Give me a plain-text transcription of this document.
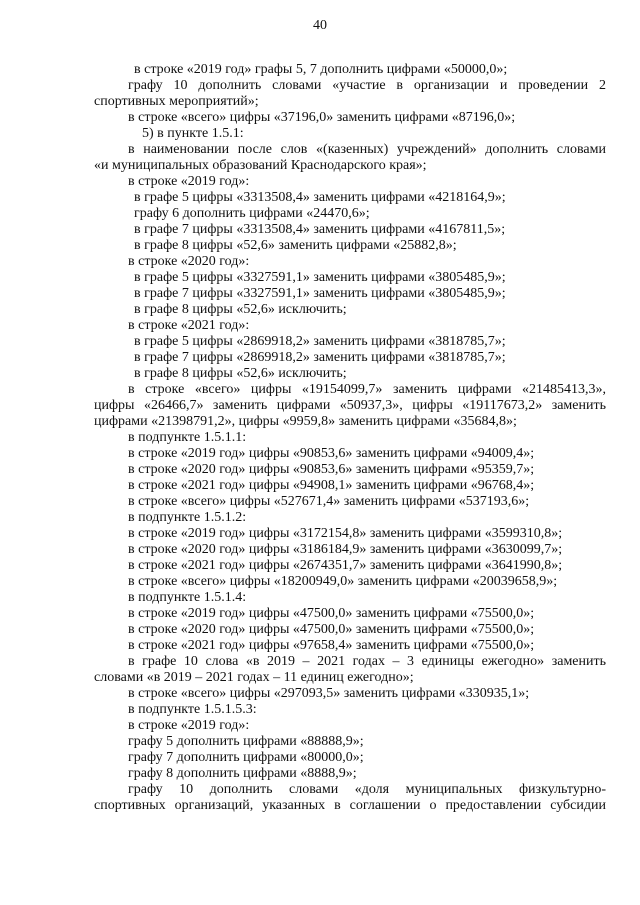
40
в строке «2019 год» графы 5, 7 дополнить цифрами «50000,0»;
графу 10 дополнить словами «участие в организации и проведении 2
спортивных мероприятий»;
в строке «всего» цифры «37196,0» заменить цифрами «87196,0»;
5) в пункте 1.5.1:
в наименовании после слов «(казенных) учреждений» дополнить словами
«и муниципальных образований Краснодарского края»;
в строке «2019 год»:
в графе 5 цифры «3313508,4» заменить цифрами «4218164,9»;
графу 6 дополнить цифрами «24470,6»;
в графе 7 цифры «3313508,4» заменить цифрами «4167811,5»;
в графе 8 цифры «52,6» заменить цифрами «25882,8»;
в строке «2020 год»:
в графе 5 цифры «3327591,1» заменить цифрами «3805485,9»;
в графе 7 цифры «3327591,1» заменить цифрами «3805485,9»;
в графе 8 цифры «52,6» исключить;
в строке «2021 год»:
в графе 5 цифры «2869918,2» заменить цифрами «3818785,7»;
в графе 7 цифры «2869918,2» заменить цифрами «3818785,7»;
в графе 8 цифры «52,6» исключить;
в строке «всего» цифры «19154099,7» заменить цифрами «21485413,3»,
цифры «26466,7» заменить цифрами «50937,3», цифры «19117673,2» заменить
цифрами «21398791,2», цифры «9959,8» заменить цифрами «35684,8»;
в подпункте 1.5.1.1:
в строке «2019 год» цифры «90853,6» заменить цифрами «94009,4»;
в строке «2020 год» цифры «90853,6» заменить цифрами «95359,7»;
в строке «2021 год» цифры «94908,1» заменить цифрами «96768,4»;
в строке «всего» цифры «527671,4» заменить цифрами «537193,6»;
в подпункте 1.5.1.2:
в строке «2019 год» цифры «3172154,8» заменить цифрами «3599310,8»;
в строке «2020 год» цифры «3186184,9» заменить цифрами «3630099,7»;
в строке «2021 год» цифры «2674351,7» заменить цифрами «3641990,8»;
в строке «всего» цифры «18200949,0» заменить цифрами «20039658,9»;
в подпункте 1.5.1.4:
в строке «2019 год» цифры «47500,0» заменить цифрами «75500,0»;
в строке «2020 год» цифры «47500,0» заменить цифрами «75500,0»;
в строке «2021 год» цифры «97658,4» заменить цифрами «75500,0»;
в графе 10 слова «в 2019 – 2021 годах – 3 единицы ежегодно» заменить
словами «в 2019 – 2021 годах – 11 единиц ежегодно»;
в строке «всего» цифры «297093,5» заменить цифрами «330935,1»;
в подпункте 1.5.1.5.3:
в строке «2019 год»:
графу 5 дополнить цифрами «88888,9»;
графу 7 дополнить цифрами «80000,0»;
графу 8 дополнить цифрами «8888,9»;
графу 10 дополнить словами «доля муниципальных физкультурно-
спортивных организаций, указанных в соглашении о предоставлении субсидии
